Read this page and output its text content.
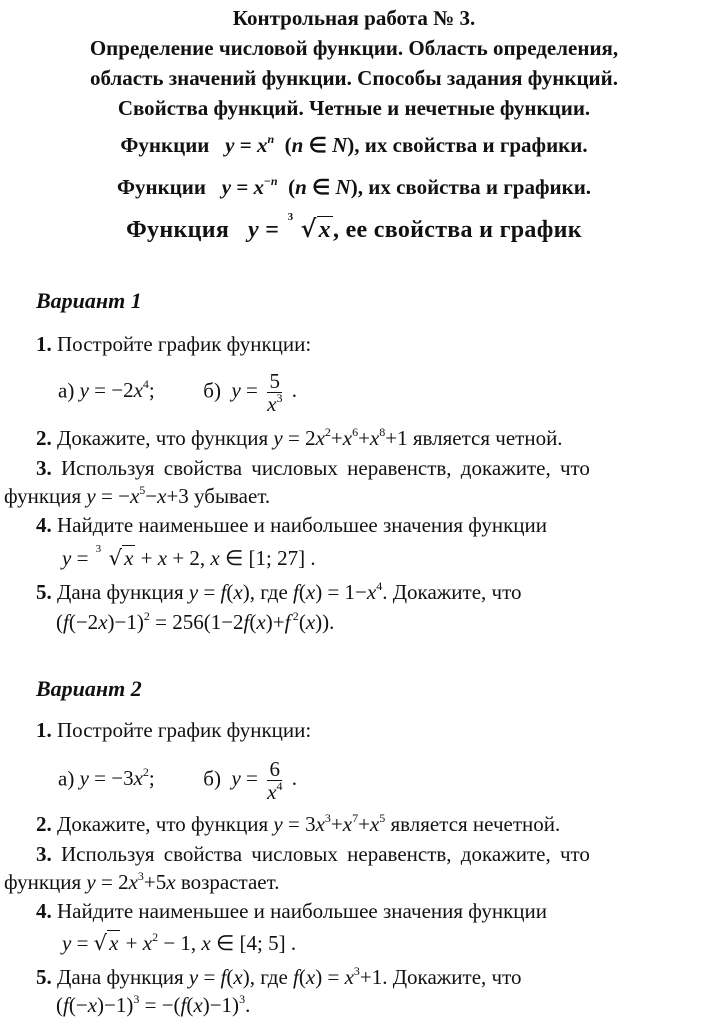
Контрольная работа № 3.
Определение числовой функции. Область определения,
область значений функции. Способы задания функций.
Свойства функций. Четные и нечетные функции.
Функции $y = x^n$  (n ∈ N), их свойства и графики.
Функции $y = x^{-n}$  (n ∈ N), их свойства и графики.
Функция y = 3 √x, ее свойства и график
Вариант 1
1. Постройте график функции:
а) $y = -2x^4$; б) $y = \frac{5}{x^3}$ .
2. Докажите, что функция $y = 2x^2+x^6+x^8+1$ является четной.
3. Используя свойства числовых неравенств, докажите, что
функция $y = -x^5-x+3$ убывает.
4. Найдите наименьшее и наибольшее значения функции
y = 3 √x + x + 2, x ∈ [1; 27] .
5. Дана функция y = f(x), где $f(x) = 1-x^4$. Докажите, что
$(f(-2x)-1)^2 = 256(1-2f(x)+f$ $^2$(x)).
Вариант 2
1. Постройте график функции:
а) $y = -3x^2$; б) $y = \frac{6}{x^4}$ .
2. Докажите, что функция $y = 3x^3+x^7+x^5$ является нечетной.
3. Используя свойства числовых неравенств, докажите, что
функция $y = 2x^3+5x$ возрастает.
4. Найдите наименьшее и наибольшее значения функции
$y = √x + x^2 - 1$, x ∈ [4; 5] .
5. Дана функция y = f(x), где $f(x) = x^3+1$. Докажите, что
$(f(-x)-1)^3 = -(f(x)-1)^3$.
